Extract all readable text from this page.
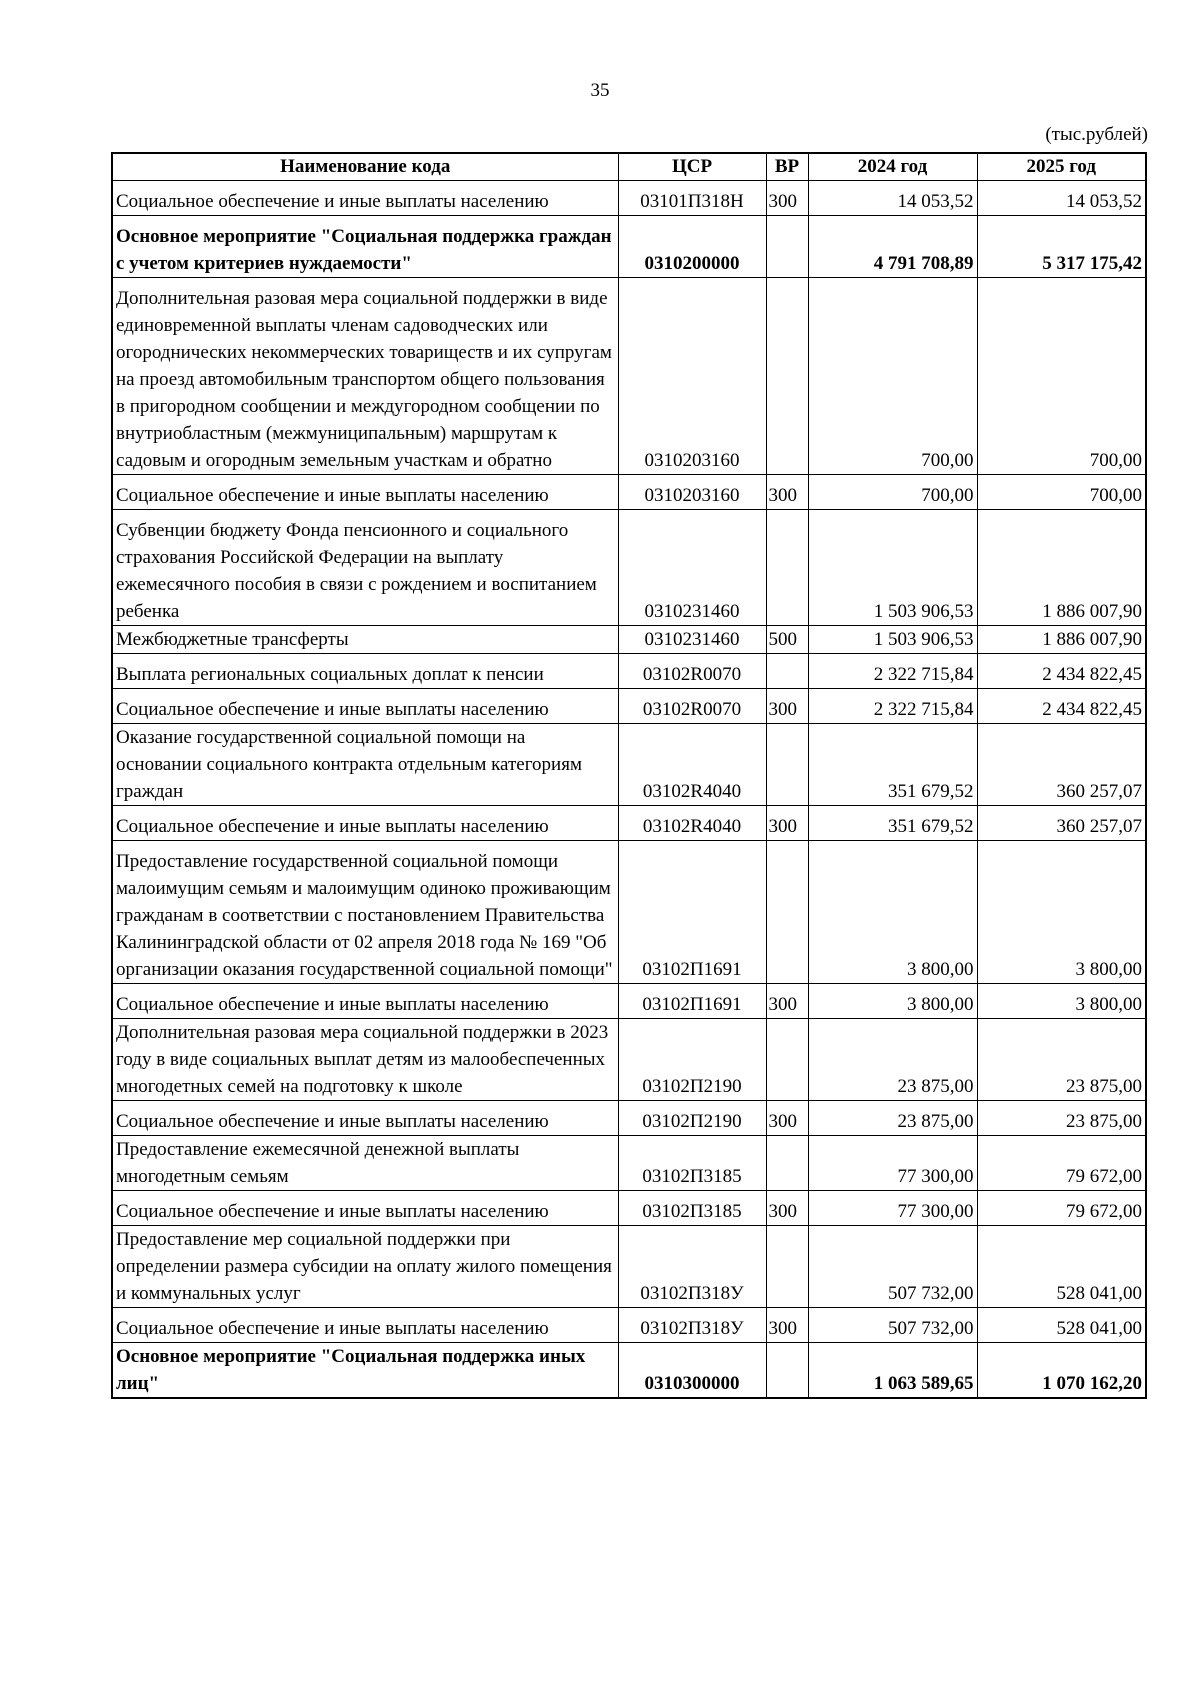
35
(тыс.рублей)
Наименование кода	ЦСР	ВР	2024 год	2025 год
Социальное обеспечение и иные выплаты населению	03101П318Н	300	14 053,52	14 053,52
Основное мероприятие "Социальная поддержка граждан с учетом критериев нуждаемости"	0310200000		4 791 708,89	5 317 175,42
Дополнительная разовая мера социальной поддержки в виде единовременной выплаты членам садоводческих или огороднических некоммерческих товариществ и их супругам на проезд автомобильным транспортом общего пользования в пригородном сообщении и междугородном сообщении по внутриобластным (межмуниципальным) маршрутам к садовым и огородным земельным участкам и обратно	0310203160		700,00	700,00
Социальное обеспечение и иные выплаты населению	0310203160	300	700,00	700,00
Субвенции бюджету Фонда пенсионного и социального страхования Российской Федерации на выплату ежемесячного пособия в связи с рождением и воспитанием ребенка	0310231460		1 503 906,53	1 886 007,90
Межбюджетные трансферты	0310231460	500	1 503 906,53	1 886 007,90
Выплата региональных социальных доплат к пенсии	03102R0070		2 322 715,84	2 434 822,45
Социальное обеспечение и иные выплаты населению	03102R0070	300	2 322 715,84	2 434 822,45
Оказание государственной социальной помощи на основании социального контракта отдельным категориям граждан	03102R4040		351 679,52	360 257,07
Социальное обеспечение и иные выплаты населению	03102R4040	300	351 679,52	360 257,07
Предоставление государственной социальной помощи малоимущим семьям и малоимущим одиноко проживающим гражданам в соответствии с постановлением Правительства Калининградской области от 02 апреля 2018 года № 169 "Об организации оказания государственной социальной помощи"	03102П1691		3 800,00	3 800,00
Социальное обеспечение и иные выплаты населению	03102П1691	300	3 800,00	3 800,00
Дополнительная разовая мера социальной поддержки в 2023 году в виде социальных выплат детям из малообеспеченных многодетных семей на подготовку к школе	03102П2190		23 875,00	23 875,00
Социальное обеспечение и иные выплаты населению	03102П2190	300	23 875,00	23 875,00
Предоставление ежемесячной денежной выплаты многодетным семьям	03102П3185		77 300,00	79 672,00
Социальное обеспечение и иные выплаты населению	03102П3185	300	77 300,00	79 672,00
Предоставление мер социальной поддержки при определении размера субсидии на оплату жилого помещения и коммунальных услуг	03102П318У		507 732,00	528 041,00
Социальное обеспечение и иные выплаты населению	03102П318У	300	507 732,00	528 041,00
Основное мероприятие "Социальная поддержка иных лиц"	0310300000		1 063 589,65	1 070 162,20
